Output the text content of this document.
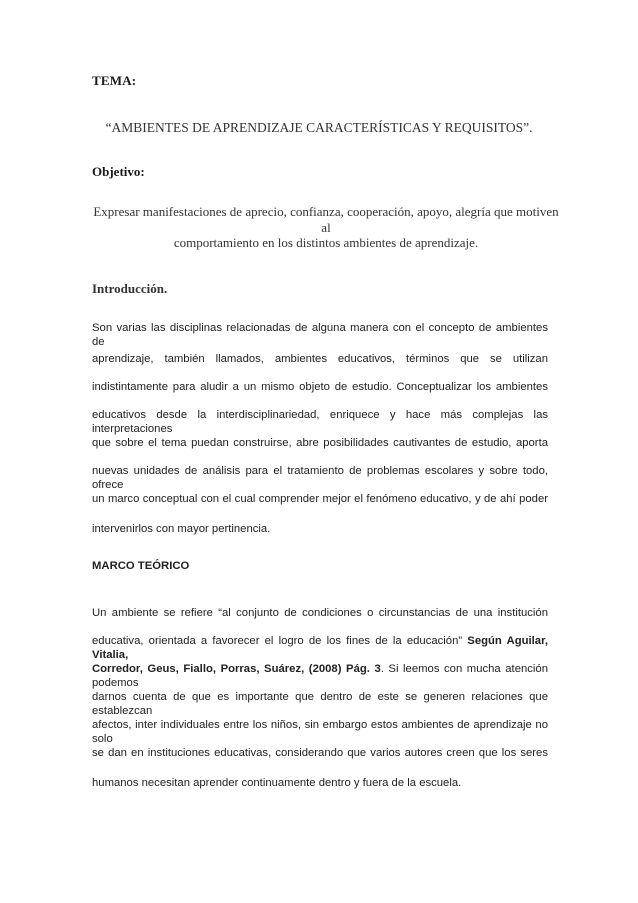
TEMA:
“AMBIENTES DE APRENDIZAJE CARACTERÍSTICAS Y REQUISITOS”.
Objetivo:
Expresar manifestaciones de aprecio, confianza, cooperación, apoyo, alegría que motiven al
comportamiento en los distintos ambientes de aprendizaje.
Introducción.
Son varias las disciplinas relacionadas de alguna manera con el concepto de ambientes de
aprendizaje, también llamados, ambientes educativos, términos que se utilizan
indistintamente para aludir a un mismo objeto de estudio. Conceptualizar los ambientes
educativos desde la interdisciplinariedad, enriquece y hace más complejas las interpretaciones
que sobre el tema puedan construirse, abre posibilidades cautivantes de estudio, aporta
nuevas unidades de análisis para el tratamiento de problemas escolares y sobre todo, ofrece
un marco conceptual con el cual comprender mejor el fenómeno educativo, y de ahí poder
intervenirlos con mayor pertinencia.
MARCO TEÓRICO
Un ambiente se refiere “al conjunto de condiciones o circunstancias de una institución
educativa, orientada a favorecer el logro de los fines de la educación” Según Aguilar, Vitalia,
Corredor, Geus, Fiallo, Porras, Suárez, (2008) Pág. 3. Si leemos con mucha atención podemos
darnos cuenta de que es importante que dentro de este se generen relaciones que establezcan
afectos, inter individuales entre los niños, sin embargo estos ambientes de aprendizaje no solo
se dan en instituciones educativas, considerando que varios autores creen que los seres
humanos necesitan aprender continuamente dentro y fuera de la escuela.
